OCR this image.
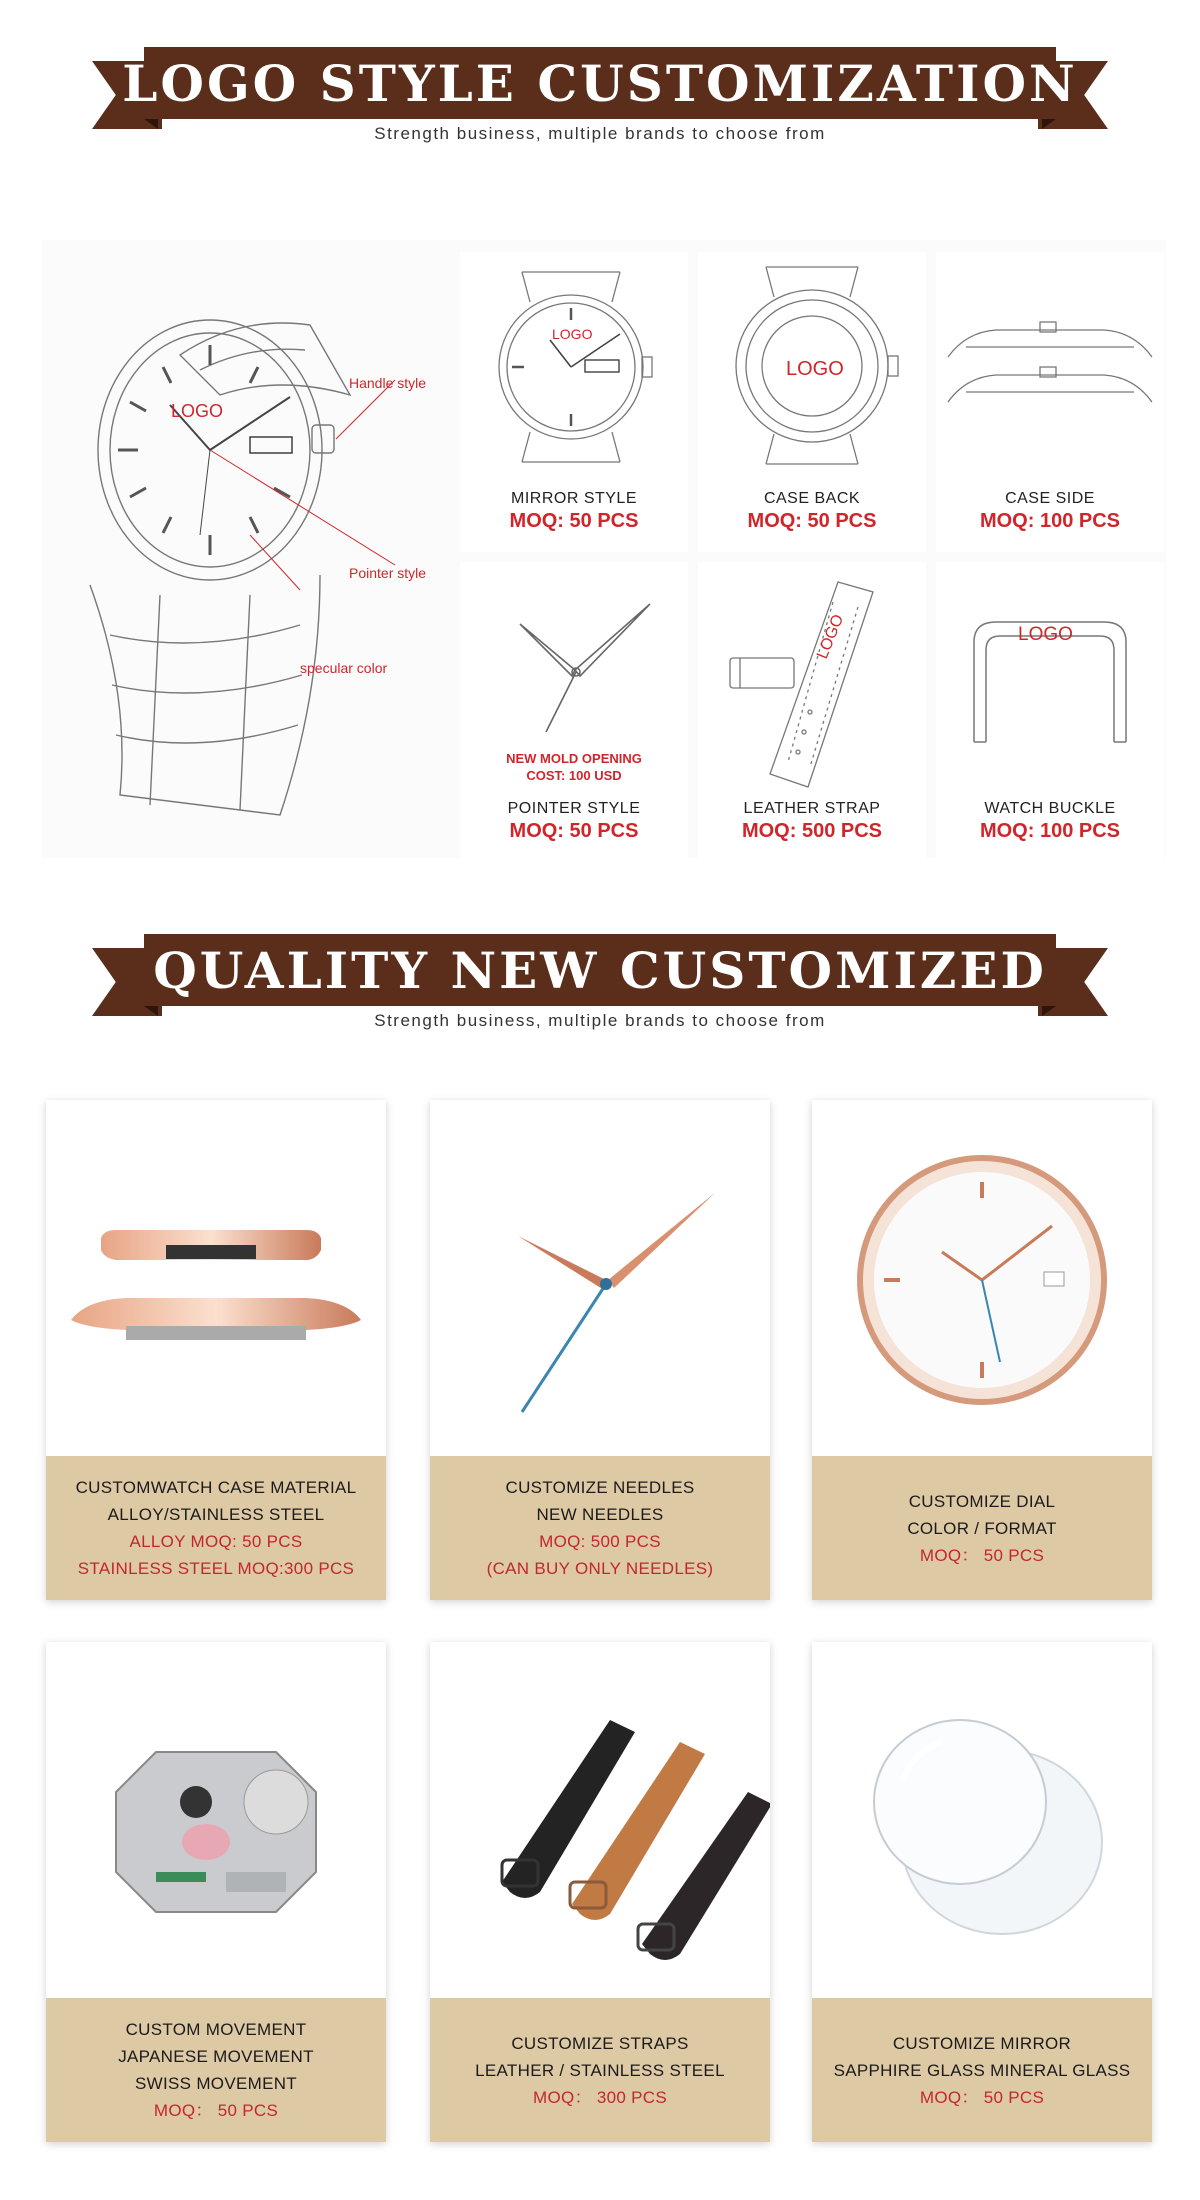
LOGO STYLE CUSTOMIZATION
Strength business, multiple brands to choose from
LOGO
Handle style
Pointer style
specular color
LOGO
MIRROR STYLE
MOQ: 50 PCS
LOGO
CASE BACK
MOQ: 50 PCS
CASE SIDE
MOQ: 100 PCS
NEW MOLD OPENING
COST: 100 USD
POINTER STYLE
MOQ: 50 PCS
LOGO
LEATHER STRAP
MOQ: 500 PCS
LOGO
WATCH BUCKLE
MOQ: 100 PCS
QUALITY NEW CUSTOMIZED
Strength business, multiple brands to choose from
CUSTOMWATCH CASE MATERIAL
ALLOY/STAINLESS STEEL
ALLOY MOQ: 50 PCS
STAINLESS STEEL MOQ:300 PCS
CUSTOMIZE NEEDLES
NEW NEEDLES
MOQ: 500 PCS
(CAN BUY ONLY NEEDLES)
CUSTOMIZE DIAL
COLOR / FORMAT
MOQ： 50 PCS
CUSTOM MOVEMENT
JAPANESE MOVEMENT
SWISS MOVEMENT
MOQ： 50 PCS
CUSTOMIZE STRAPS
LEATHER / STAINLESS STEEL
MOQ： 300 PCS
CUSTOMIZE MIRROR
SAPPHIRE GLASS MINERAL GLASS
MOQ： 50 PCS
